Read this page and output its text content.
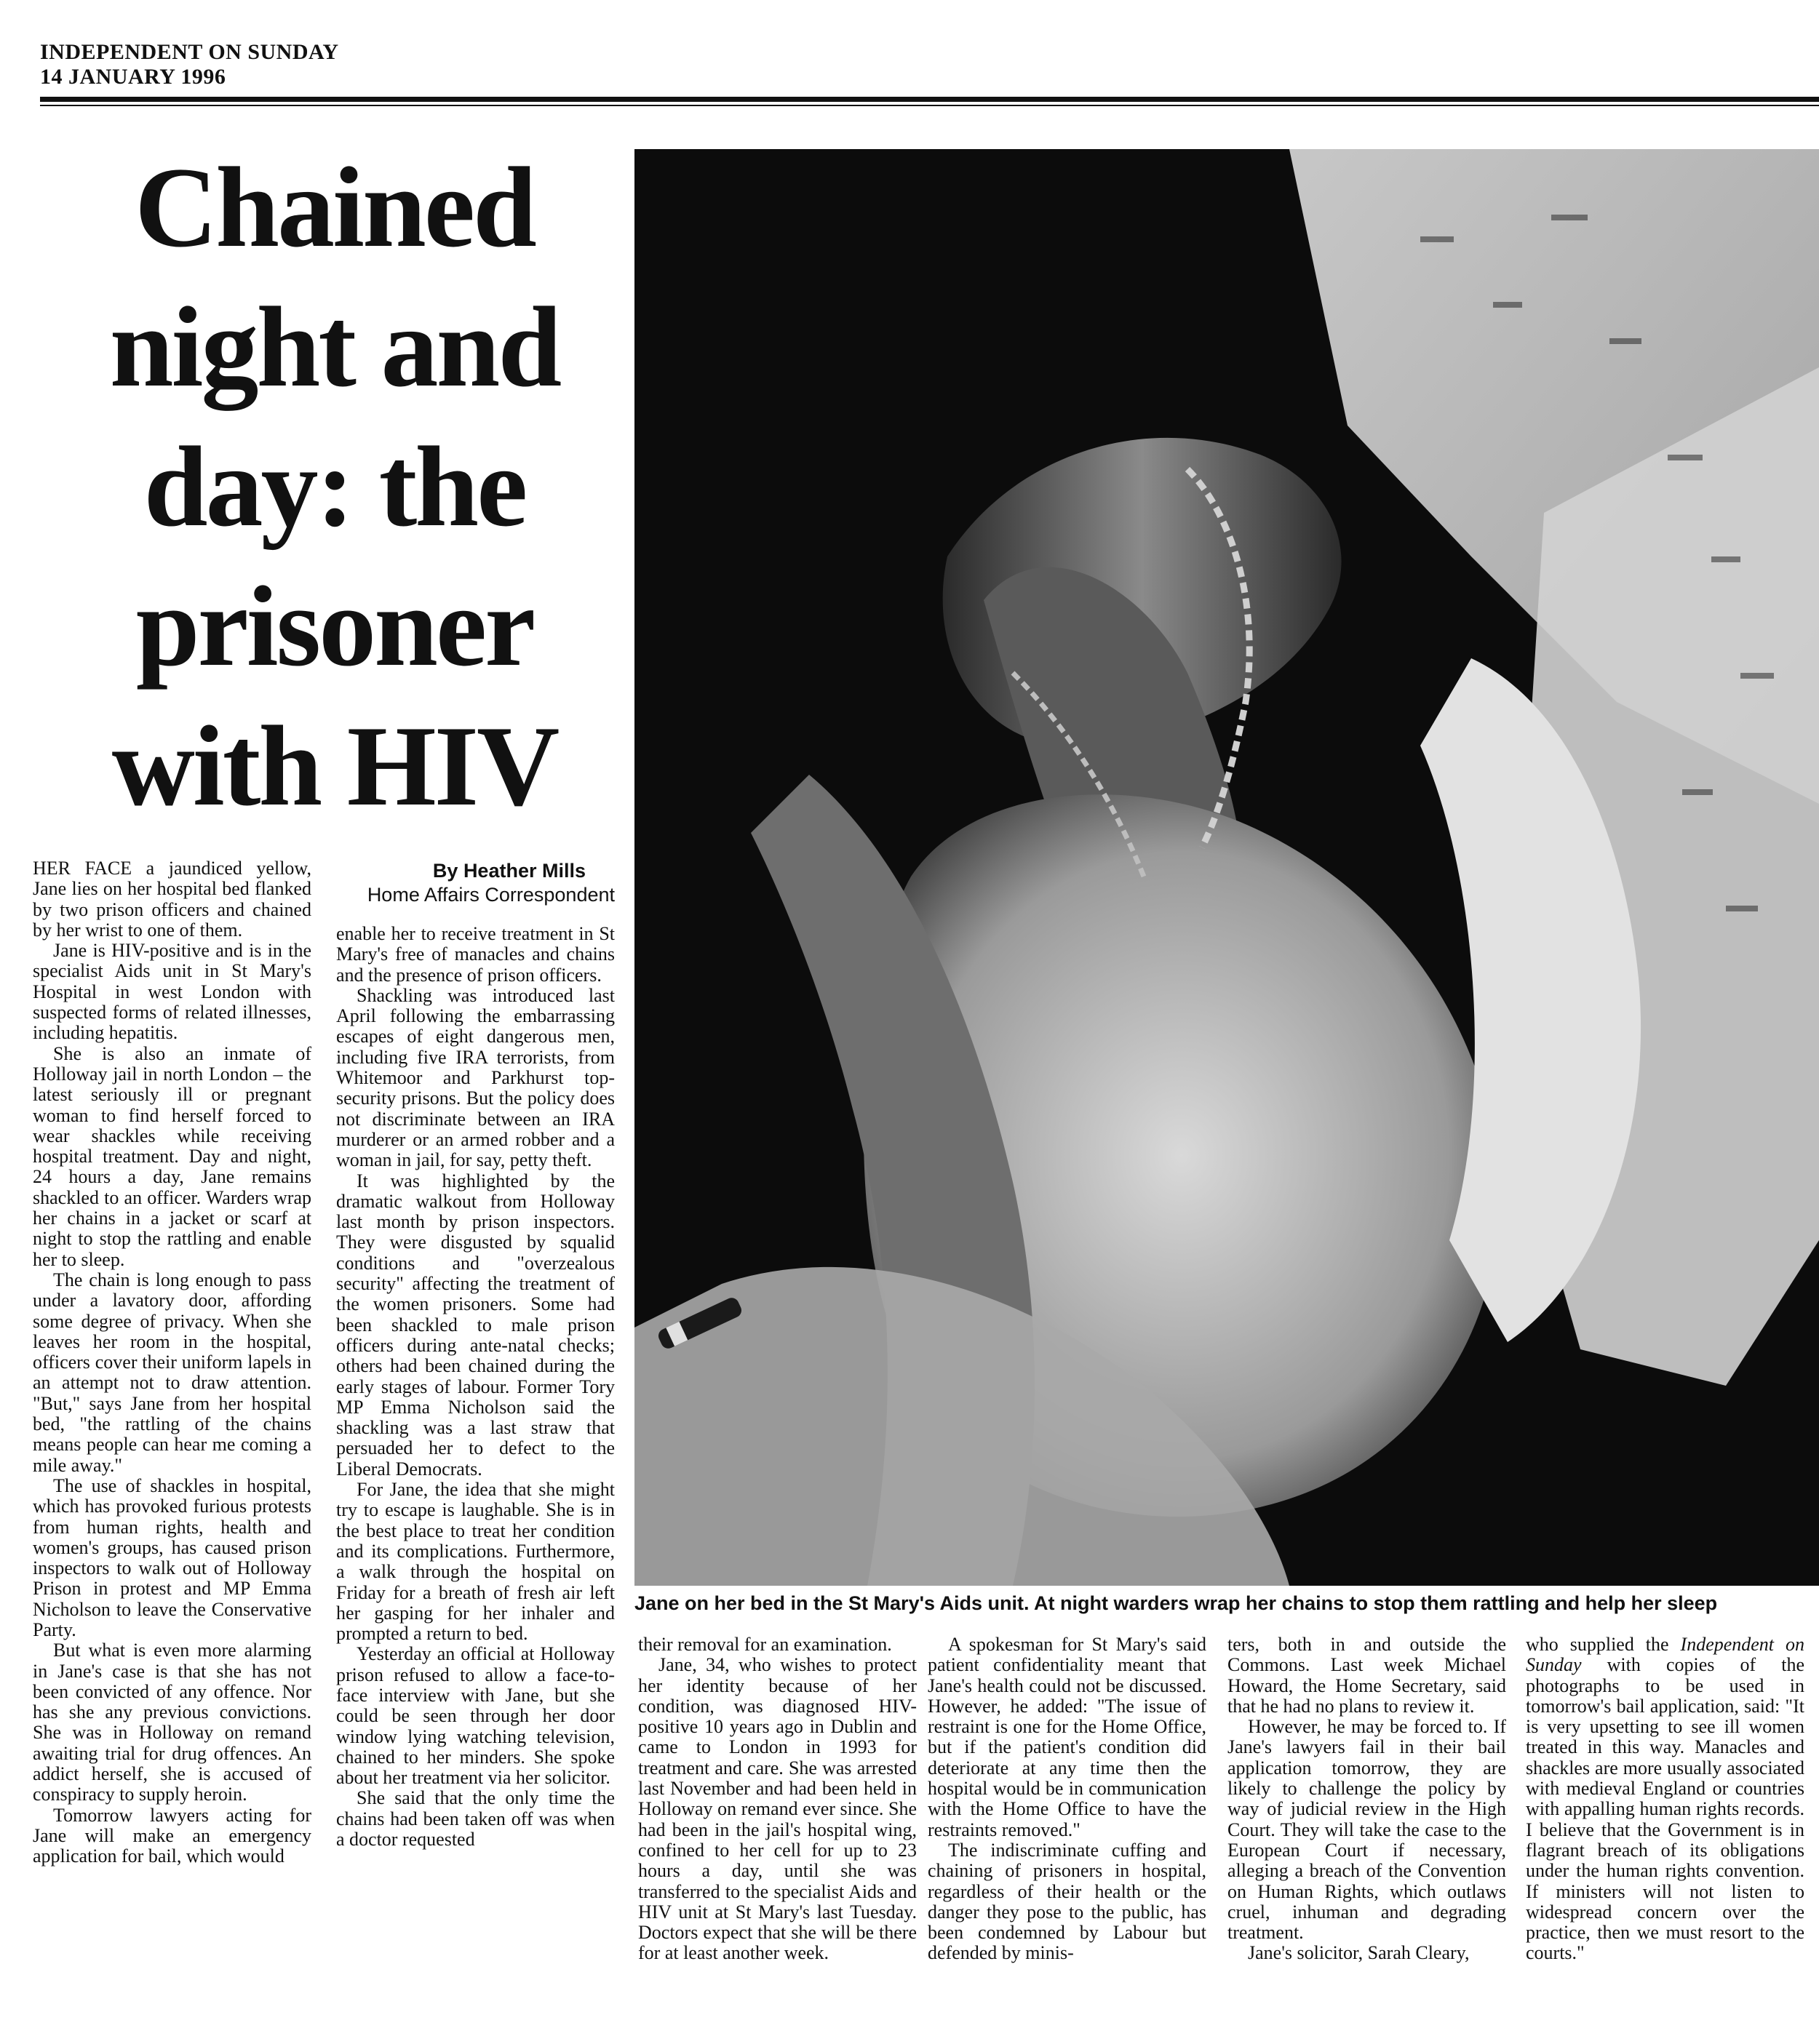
INDEPENDENT ON SUNDAY
14 JANUARY 1996
Chained
night and
day: the
prisoner
with HIV
Jane on her bed in the St Mary's Aids unit. At night warders wrap her chains to stop them rattling and help her sleep

HER FACE a jaundiced yellow, Jane lies on her hospital bed flanked by two prison officers and chained by her wrist to one of them.

Jane is HIV-positive and is in the specialist Aids unit in St Mary's Hospital in west London with suspected forms of related illnesses, including hepatitis.

She is also an inmate of Holloway jail in north London – the latest seriously ill or pregnant woman to find herself forced to wear shackles while receiving hospital treatment. Day and night, 24 hours a day, Jane remains shackled to an officer. Warders wrap her chains in a jacket or scarf at night to stop the rattling and enable her to sleep.

The chain is long enough to pass under a lavatory door, affording some degree of privacy. When she leaves her room in the hospital, officers cover their uniform lapels in an attempt not to draw attention. "But," says Jane from her hospital bed, "the rattling of the chains means people can hear me coming a mile away."

The use of shackles in hospital, which has provoked furious protests from human rights, health and women's groups, has caused prison inspectors to walk out of Holloway Prison in protest and MP Emma Nicholson to leave the Conservative Party.

But what is even more alarming in Jane's case is that she has not been convicted of any offence. Nor has she any previous convictions. She was in Holloway on remand awaiting trial for drug offences. An addict herself, she is accused of conspiracy to supply heroin.

Tomorrow lawyers acting for Jane will make an emergency application for bail, which would

By Heather Mills
Home Affairs Correspondent

enable her to receive treatment in St Mary's free of manacles and chains and the presence of prison officers.

Shackling was introduced last April following the embarrassing escapes of eight dangerous men, including five IRA terrorists, from Whitemoor and Parkhurst top-security prisons. But the policy does not discriminate between an IRA murderer or an armed robber and a woman in jail, for say, petty theft.

It was highlighted by the dramatic walkout from Holloway last month by prison inspectors. They were disgusted by squalid conditions and "overzealous security" affecting the treatment of the women prisoners. Some had been shackled to male prison officers during ante-natal checks; others had been chained during the early stages of labour. Former Tory MP Emma Nicholson said the shackling was a last straw that persuaded her to defect to the Liberal Democrats.

For Jane, the idea that she might try to escape is laughable. She is in the best place to treat her condition and its complications. Furthermore, a walk through the hospital on Friday for a breath of fresh air left her gasping for her inhaler and prompted a return to bed.

Yesterday an official at Holloway prison refused to allow a face-to-face interview with Jane, but she could be seen through her door window lying watching television, chained to her minders. She spoke about her treatment via her solicitor.

She said that the only time the chains had been taken off was when a doctor requested

their removal for an examination.

Jane, 34, who wishes to protect her identity because of her condition, was diagnosed HIV-positive 10 years ago in Dublin and came to London in 1993 for treatment and care. She was arrested last November and had been held in Holloway on remand ever since. She had been in the jail's hospital wing, confined to her cell for up to 23 hours a day, until she was transferred to the specialist Aids and HIV unit at St Mary's last Tuesday. Doctors expect that she will be there for at least another week.

A spokesman for St Mary's said patient confidentiality meant that Jane's health could not be discussed. However, he added: "The issue of restraint is one for the Home Office, but if the patient's condition did deteriorate at any time then the hospital would be in communication with the Home Office to have the restraints removed."

The indiscriminate cuffing and chaining of prisoners in hospital, regardless of their health or the danger they pose to the public, has been condemned by Labour but defended by minis-

ters, both in and outside the Commons. Last week Michael Howard, the Home Secretary, said that he had no plans to review it.

However, he may be forced to. If Jane's lawyers fail in their bail application tomorrow, they are likely to challenge the policy by way of judicial review in the High Court. They will take the case to the European Court if necessary, alleging a breach of the Convention on Human Rights, which outlaws cruel, inhuman and degrading treatment.

Jane's solicitor, Sarah Cleary,

who supplied the Independent on Sunday with copies of the photographs to be used in tomorrow's bail application, said: "It is very upsetting to see ill women treated in this way. Manacles and shackles are more usually associated with medieval England or countries with appalling human rights records. I believe that the Government is in flagrant breach of its obligations under the human rights convention. If ministers will not listen to widespread concern over the practice, then we must resort to the courts."
